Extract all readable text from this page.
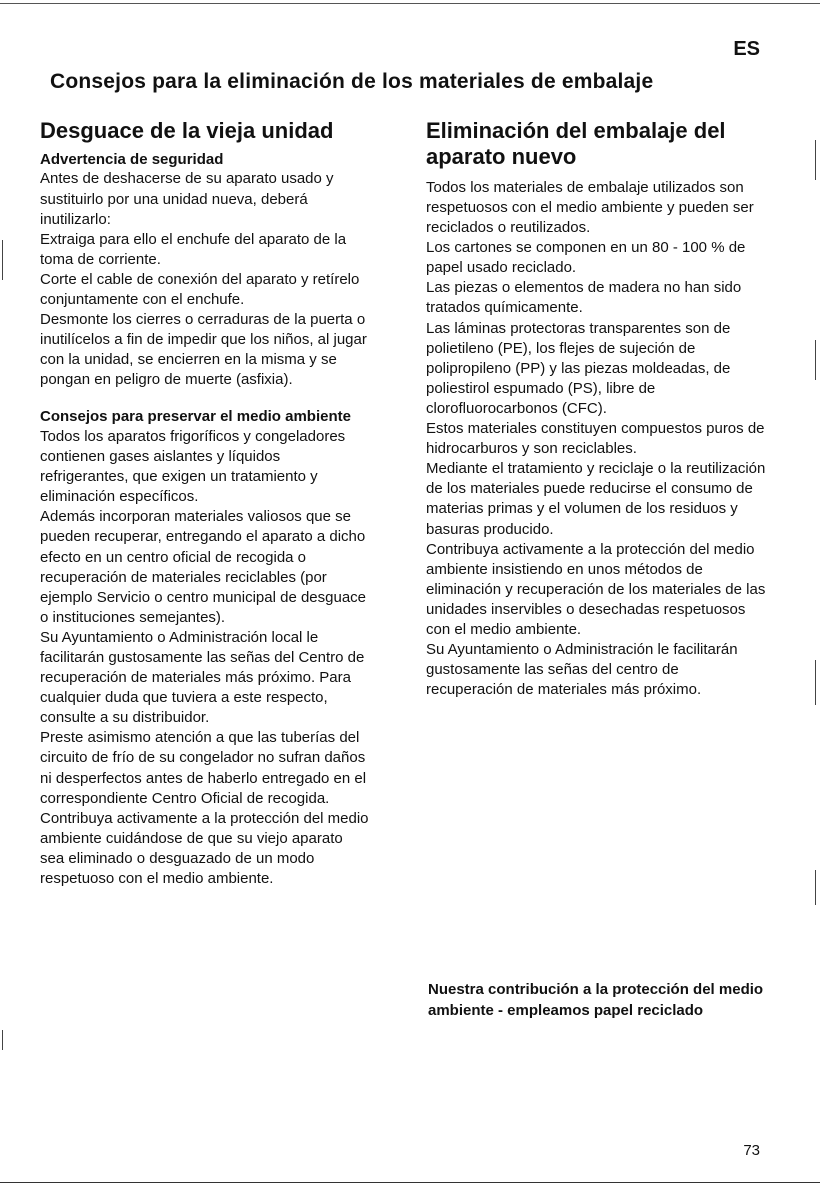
ES
Consejos para la eliminación de los materiales de embalaje
Desguace de la vieja unidad
Advertencia de seguridad

Antes de deshacerse de su aparato usado y sustituirlo por una unidad nueva, deberá inutilizarlo:

Extraiga para ello el enchufe del aparato de la toma de corriente.

Corte el cable de conexión del aparato y retírelo conjuntamente con el enchufe.

Desmonte los cierres o cerraduras de la puerta o inutilícelos a fin de impedir que los niños, al jugar con la unidad, se encierren en la misma y se pongan en peligro de muerte (asfixia).

Consejos para preservar el medio ambiente

Todos los aparatos frigoríficos y congeladores contienen gases aislantes y líquidos refrigerantes, que exigen un tratamiento y eliminación específicos.

Además incorporan materiales valiosos que se pueden recuperar, entregando el aparato a dicho efecto en un centro oficial de recogida o recuperación de materiales reciclables (por ejemplo Servicio o centro municipal de desguace o instituciones semejantes).

Su Ayuntamiento o Administración local le facilitarán gustosamente las señas del Centro de recuperación de materiales más próximo. Para cualquier duda que tuviera a este respecto, consulte a su distribuidor.

Preste asimismo atención a que las tuberías del circuito de frío de su congelador no sufran daños ni desperfectos antes de haberlo entregado en el correspondiente Centro Oficial de recogida.

Contribuya activamente a la protección del medio ambiente cuidándose de que su viejo aparato sea eliminado o desguazado de un modo respetuoso con el medio ambiente.

Eliminación del embalaje del aparato nuevo

Todos los materiales de embalaje utilizados son respetuosos con el medio ambiente y pueden ser reciclados o reutilizados.

Los cartones se componen en un 80 - 100 % de papel usado reciclado.

Las piezas o elementos de madera no han sido tratados químicamente.

Las láminas protectoras transparentes son de polietileno (PE), los flejes de sujeción de polipropileno (PP) y las piezas moldeadas, de poliestirol espumado (PS), libre de clorofluorocarbonos (CFC).

Estos materiales constituyen compuestos puros de hidrocarburos y son reciclables.

Mediante el tratamiento y reciclaje o la reutilización de los materiales puede reducirse el consumo de materias primas y el volumen de los residuos y basuras producido.

Contribuya activamente a la protección del medio ambiente insistiendo en unos métodos de eliminación y recuperación de los materiales de las unidades inservibles o desechadas respetuosos con el medio ambiente.

Su Ayuntamiento o Administración le facilitarán gustosamente las señas del centro de recuperación de materiales más próximo.

Nuestra contribución a la protección del medio ambiente - empleamos papel reciclado
73
